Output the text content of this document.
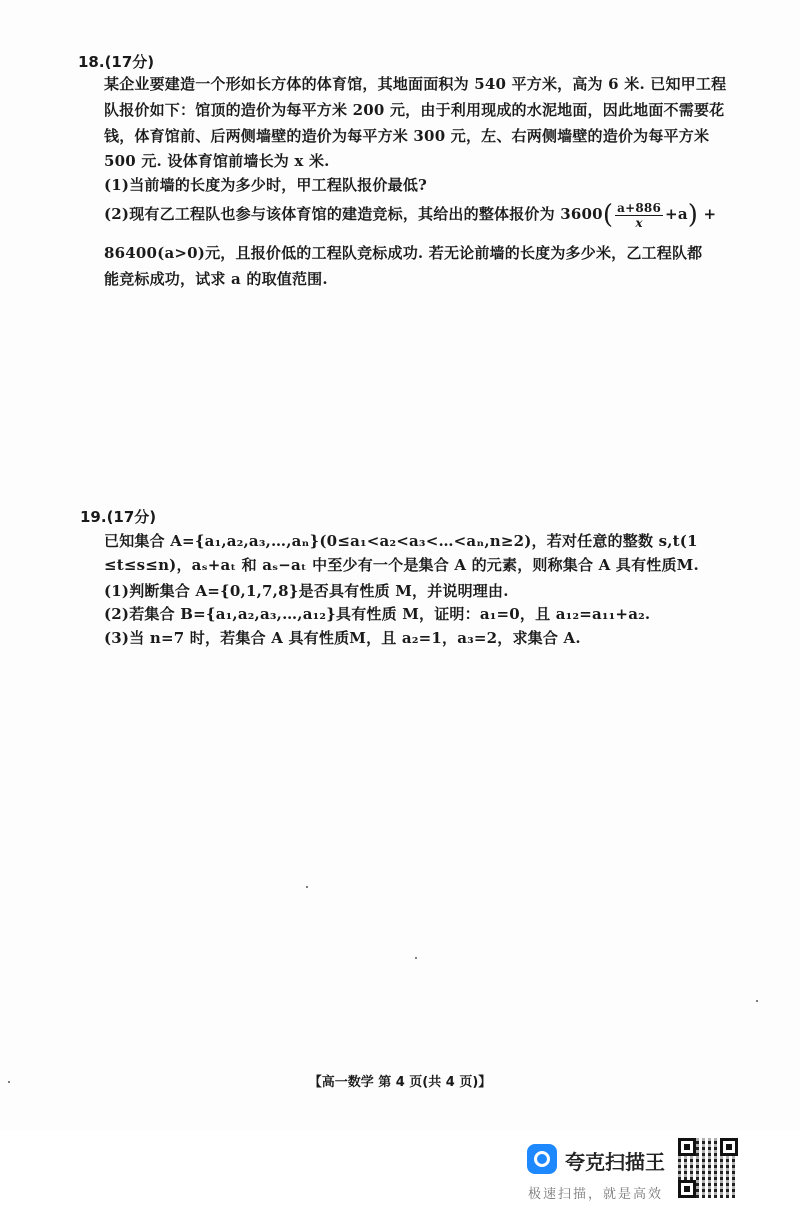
18.(17分)
某企业要建造一个形如长方体的体育馆，其地面面积为 540 平方米，高为 6 米. 已知甲工程
队报价如下：馆顶的造价为每平方米 200 元，由于利用现成的水泥地面，因此地面不需要花
钱，体育馆前、后两侧墙壁的造价为每平方米 300 元，左、右两侧墙壁的造价为每平方米
500 元. 设体育馆前墙长为 x 米.
(1)当前墙的长度为多少时，甲工程队报价最低?
(2)现有乙工程队也参与该体育馆的建造竞标，其给出的整体报价为 $3600( \frac{a+886}{x} +a)$ +
86400(a>0)元，且报价低的工程队竞标成功. 若无论前墙的长度为多少米，乙工程队都
能竞标成功，试求 a 的取值范围.
19.(17分)
已知集合 A={a₁,a₂,a₃,…,aₙ}(0≤a₁<a₂<a₃<…<aₙ,n≥2)，若对任意的整数 s,t(1
≤t≤s≤n)，aₛ+aₜ 和 aₛ−aₜ 中至少有一个是集合 A 的元素，则称集合 A 具有性质M.
(1)判断集合 A={0,1,7,8}是否具有性质 M，并说明理由.
(2)若集合 B={a₁,a₂,a₃,…,a₁₂}具有性质 M，证明：a₁=0，且 a₁₂=a₁₁+a₂.
(3)当 n=7 时，若集合 A 具有性质M，且 a₂=1，a₃=2，求集合 A.
【高一数学 第 4 页(共 4 页)】
夸克扫描王
极速扫描，就是高效
